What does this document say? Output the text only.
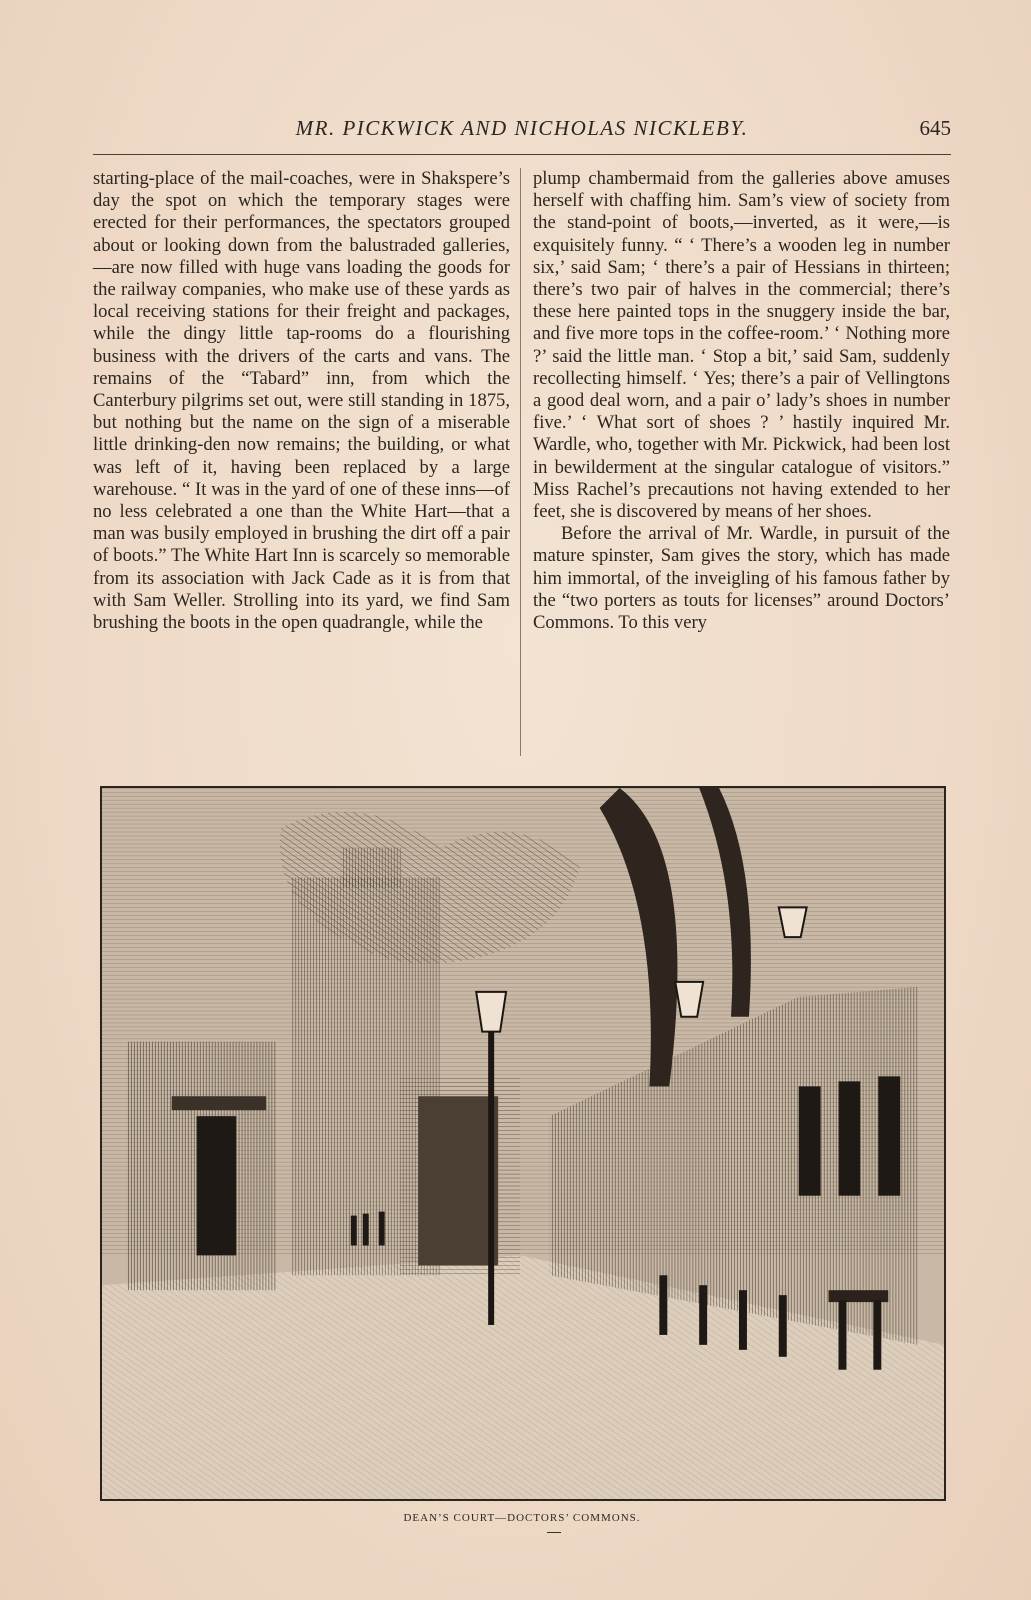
MR. PICKWICK AND NICHOLAS NICKLEBY.	645

starting-place of the mail-coaches, were in Shakspere’s day the spot on which the temporary stages were erected for their performances, the spectators grouped about or looking down from the balustraded galleries,—are now filled with huge vans loading the goods for the railway companies, who make use of these yards as local receiving stations for their freight and packages, while the dingy little tap-rooms do a flourishing business with the drivers of the carts and vans. The remains of the “Tabard” inn, from which the Canterbury pilgrims set out, were still standing in 1875, but nothing but the name on the sign of a miserable little drinking-den now remains; the building, or what was left of it, having been replaced by a large warehouse. “ It was in the yard of one of these inns—of no less celebrated a one than the White Hart—that a man was busily employed in brushing the dirt off a pair of boots.” The White Hart Inn is scarcely so memorable from its association with Jack Cade as it is from that with Sam Weller. Strolling into its yard, we find Sam brushing the boots in the open quadrangle, while the

plump chambermaid from the galleries above amuses herself with chaffing him. Sam’s view of society from the stand-point of boots,—inverted, as it were,—is exquisitely funny. “ ‘ There’s a wooden leg in number six,’ said Sam; ‘ there’s a pair of Hessians in thirteen; there’s two pair of halves in the commercial; there’s these here painted tops in the snuggery inside the bar, and five more tops in the coffee-room.’ ‘ Nothing more ?’ said the little man. ‘ Stop a bit,’ said Sam, suddenly recollecting himself. ‘ Yes; there’s a pair of Vellingtons a good deal worn, and a pair o’ lady’s shoes in number five.’ ‘ What sort of shoes ? ’ hastily inquired Mr. Wardle, who, together with Mr. Pickwick, had been lost in bewilderment at the singular catalogue of visitors.” Miss Rachel’s precautions not having extended to her feet, she is discovered by means of her shoes.

Before the arrival of Mr. Wardle, in pursuit of the mature spinster, Sam gives the story, which has made him immortal, of the inveigling of his famous father by the “two porters as touts for licenses” around Doctors’ Commons. To this very

DEAN’S COURT—DOCTORS’ COMMONS.
